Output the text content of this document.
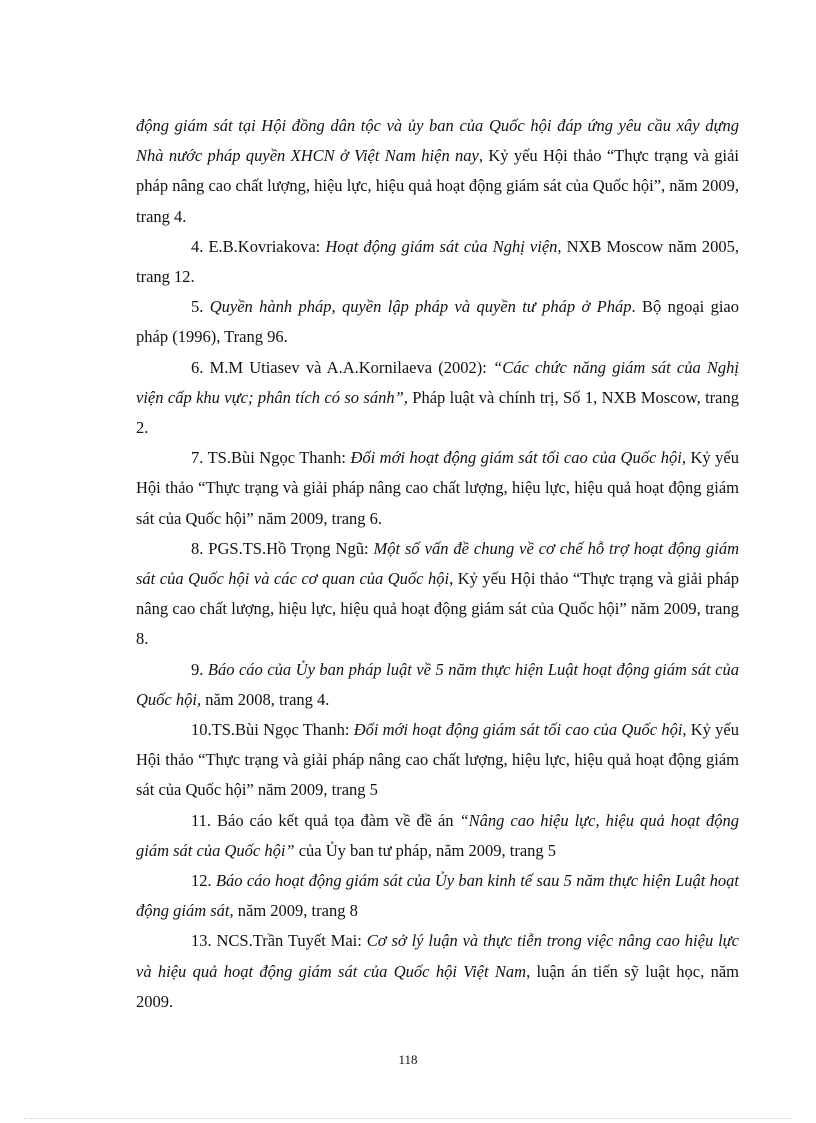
động giám sát tại Hội đồng dân tộc và ủy ban của Quốc hội đáp ứng yêu cầu xây dựng Nhà nước pháp quyền XHCN ở Việt Nam hiện nay, Kỷ yếu Hội thảo “Thực trạng và giải pháp nâng cao chất lượng, hiệu lực, hiệu quả hoạt động giám sát của Quốc hội”, năm 2009, trang 4.

4. E.B.Kovriakova: Hoạt động giám sát của Nghị viện, NXB Moscow năm 2005, trang 12.

5. Quyền hành pháp, quyền lập pháp và quyền tư pháp ở Pháp. Bộ ngoại giao pháp (1996), Trang 96.

6. M.M Utiasev và A.A.Kornilaeva (2002): “Các chức năng giám sát của Nghị viện cấp khu vực; phân tích có so sánh”, Pháp luật và chính trị, Số 1, NXB Moscow, trang 2.

7. TS.Bùi Ngọc Thanh: Đổi mới hoạt động giám sát tối cao của Quốc hội, Kỷ yếu Hội thảo “Thực trạng và giải pháp nâng cao chất lượng, hiệu lực, hiệu quả hoạt động giám sát của Quốc hội” năm 2009, trang 6.

8. PGS.TS.Hồ Trọng Ngũ: Một số vấn đề chung về cơ chế hỗ trợ hoạt động giám sát của Quốc hội và các cơ quan của Quốc hội, Kỷ yếu Hội thảo “Thực trạng và giải pháp nâng cao chất lượng, hiệu lực, hiệu quả hoạt động giám sát của Quốc hội” năm 2009, trang 8.

9. Báo cáo của Ủy ban pháp luật về 5 năm thực hiện Luật hoạt động giám sát của Quốc hội, năm 2008, trang 4.

10.TS.Bùi Ngọc Thanh: Đổi mới hoạt động giám sát tối cao của Quốc hội, Kỷ yếu Hội thảo “Thực trạng và giải pháp nâng cao chất lượng, hiệu lực, hiệu quả hoạt động giám sát của Quốc hội” năm 2009, trang 5

11. Báo cáo kết quả tọa đàm về đề án “Nâng cao hiệu lực, hiệu quả hoạt động giám sát của Quốc hội” của Ủy ban tư pháp, năm 2009, trang 5

12. Báo cáo hoạt động giám sát của Ủy ban kinh tế sau 5 năm thực hiện Luật hoạt động giám sát, năm 2009, trang 8

13. NCS.Trần Tuyết Mai: Cơ sở lý luận và thực tiễn trong việc nâng cao hiệu lực và hiệu quả hoạt động giám sát của Quốc hội Việt Nam, luận án tiến sỹ luật học, năm 2009.

118
